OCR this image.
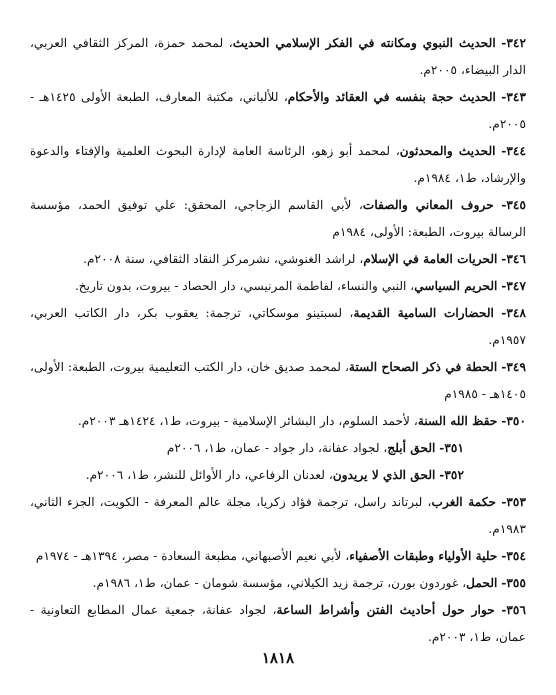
٣٤٢- الحديث النبوي ومكانته في الفكر الإسلامي الحديث، لمحمد حمزة، المركز الثقافي العربي، الدار البيضاء، ٢٠٠٥م.
٣٤٣- الحديث حجة بنفسه في العقائد والأحكام، للألباني، مكتبة المعارف، الطبعة الأولى ١٤٢٥هـ - ٢٠٠٥م.
٣٤٤- الحديث والمحدثون، لمحمد أبو زهو، الرئاسة العامة لإدارة البحوث العلمية والإفتاء والدعوة والإرشاد، ط١، ١٩٨٤م.
٣٤٥- حروف المعاني والصفات، لأبي القاسم الزجاجي، المحقق: علي توفيق الحمد، مؤسسة الرسالة بيروت، الطبعة: الأولى، ١٩٨٤م
٣٤٦- الحريات العامة في الإسلام، لراشد الغنوشي، نشرمركز النقاد الثقافي، سنة ٢٠٠٨م.
٣٤٧- الحريم السياسي، النبي والنساء، لفاطمة المرنيسي، دار الحصاد - بيروت، بدون تاريخ.
٣٤٨- الحضارات السامية القديمة، لسبتينو موسكاتي، ترجمة: يعقوب بكر، دار الكاتب العربي، ١٩٥٧م.
٣٤٩- الحطة في ذكر الصحاح الستة، لمحمد صديق خان، دار الكتب التعليمية بيروت، الطبعة: الأولى، ١٤٠٥هـ - ١٩٨٥م
٣٥٠- حقظ الله السنة، لأحمد السلوم، دار البشائر الإسلامية - بيروت، ط١، ١٤٢٤هـ ٢٠٠٣م.
٣٥١- الحق أبلج، لجواد عفانة، دار جواد - عمان، ط١، ٢٠٠٦م
٣٥٢- الحق الذي لا يريدون، لعدنان الرفاعي، دار الأوائل للنشر، ط١، ٢٠٠٦م.
٣٥٣- حكمة الغرب، لبرتاند راسل، ترجمة فؤاد زكريا، مجلة عالم المعرفة - الكويت، الجزء الثاني، ١٩٨٣م.
٣٥٤- حلية الأولياء وطبقات الأصفياء، لأبي نعيم الأصبهاني، مطبعة السعادة - مصر، ١٣٩٤هـ - ١٩٧٤م
٣٥٥- الحمل، غوردون بورن، ترجمة زيد الكيلاني، مؤسسة شومان - عمان، ط١، ١٩٨٦م.
٣٥٦- حوار حول أحاديث الفتن وأشراط الساعة، لجواد عفانة، جمعية عمال المطابع التعاونية - عمان، ط١، ٢٠٠٣م.
١٨١٨
